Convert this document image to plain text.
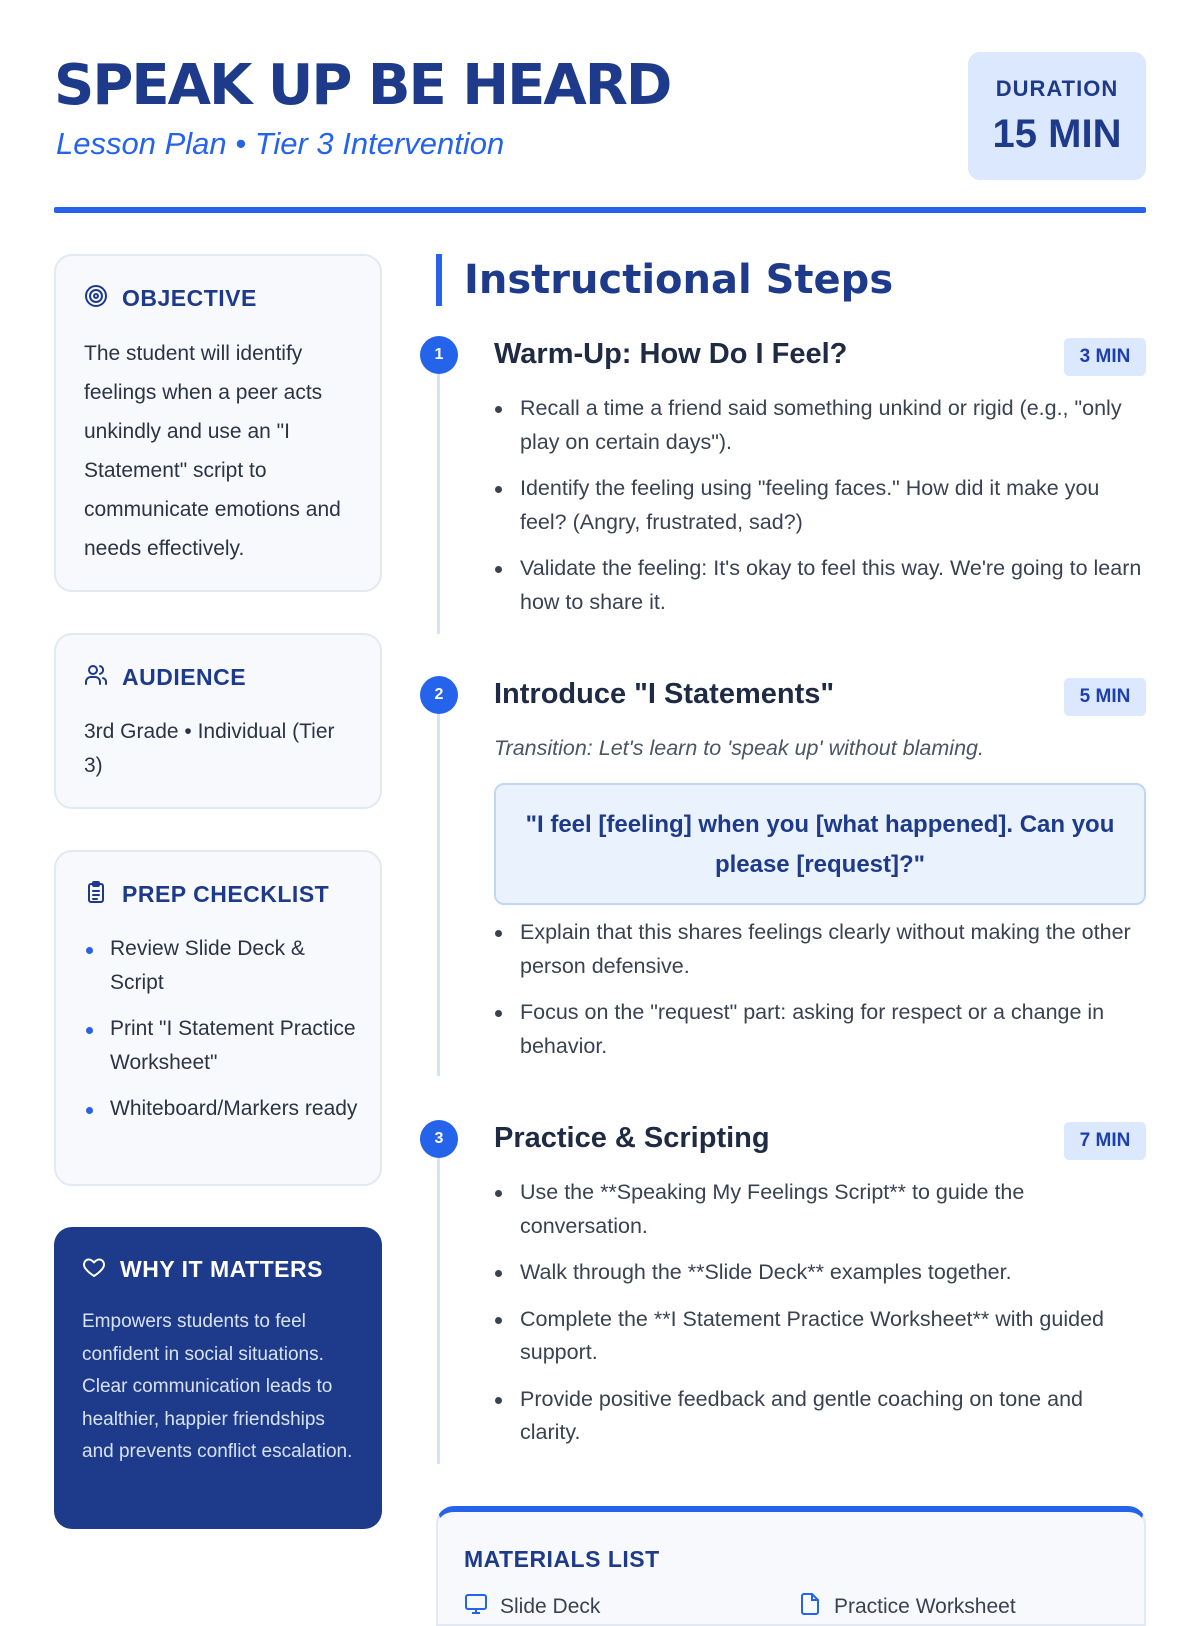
SPEAK UP BE HEARD
Lesson Plan • Tier 3 Intervention
DURATION
15 MIN
OBJECTIVE

The student will identify feelings when a peer acts unkindly and use an "I Statement" script to communicate emotions and needs effectively.

AUDIENCE

3rd Grade • Individual (Tier 3)

PREP CHECKLIST
Review Slide Deck & Script
Print "I Statement Practice Worksheet"
Whiteboard/Markers ready
WHY IT MATTERS

Empowers students to feel confident in social situations. Clear communication leads to healthier, happier friendships and prevents conflict escalation.

Instructional Steps
1	Warm-Up: How Do I Feel?	3 MIN
Recall a time a friend said something unkind or rigid (e.g., "only play on certain days").
Identify the feeling using "feeling faces." How did it make you feel? (Angry, frustrated, sad?)
Validate the feeling: It's okay to feel this way. We're going to learn how to share it.
2	Introduce "I Statements"	5 MIN
Transition: Let's learn to 'speak up' without blaming.
"I feel [feeling] when you [what happened]. Can you please [request]?"
Explain that this shares feelings clearly without making the other person defensive.
Focus on the "request" part: asking for respect or a change in behavior.
3	Practice & Scripting	7 MIN
Use the **Speaking My Feelings Script** to guide the conversation.
Walk through the **Slide Deck** examples together.
Complete the **I Statement Practice Worksheet** with guided support.
Provide positive feedback and gentle coaching on tone and clarity.
MATERIALS LIST
Slide Deck	Practice Worksheet
